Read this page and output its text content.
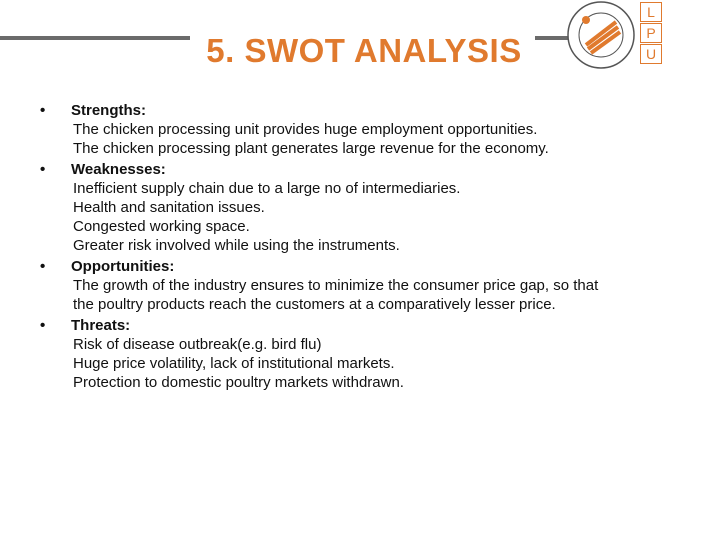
5. SWOT ANALYSIS
L
P
U
• Strengths:
The chicken processing unit provides huge employment opportunities.
The chicken processing plant generates large revenue for the economy.
• Weaknesses:
Inefficient supply chain due to a large no of intermediaries.
Health and sanitation issues.
Congested working space.
Greater risk involved while using the instruments.
• Opportunities:
The growth of the industry ensures to minimize the consumer price gap, so that the poultry products reach the customers at a comparatively lesser price.
• Threats:
Risk of disease outbreak(e.g. bird flu)
Huge price volatility, lack of institutional markets.
Protection to domestic poultry markets withdrawn.
